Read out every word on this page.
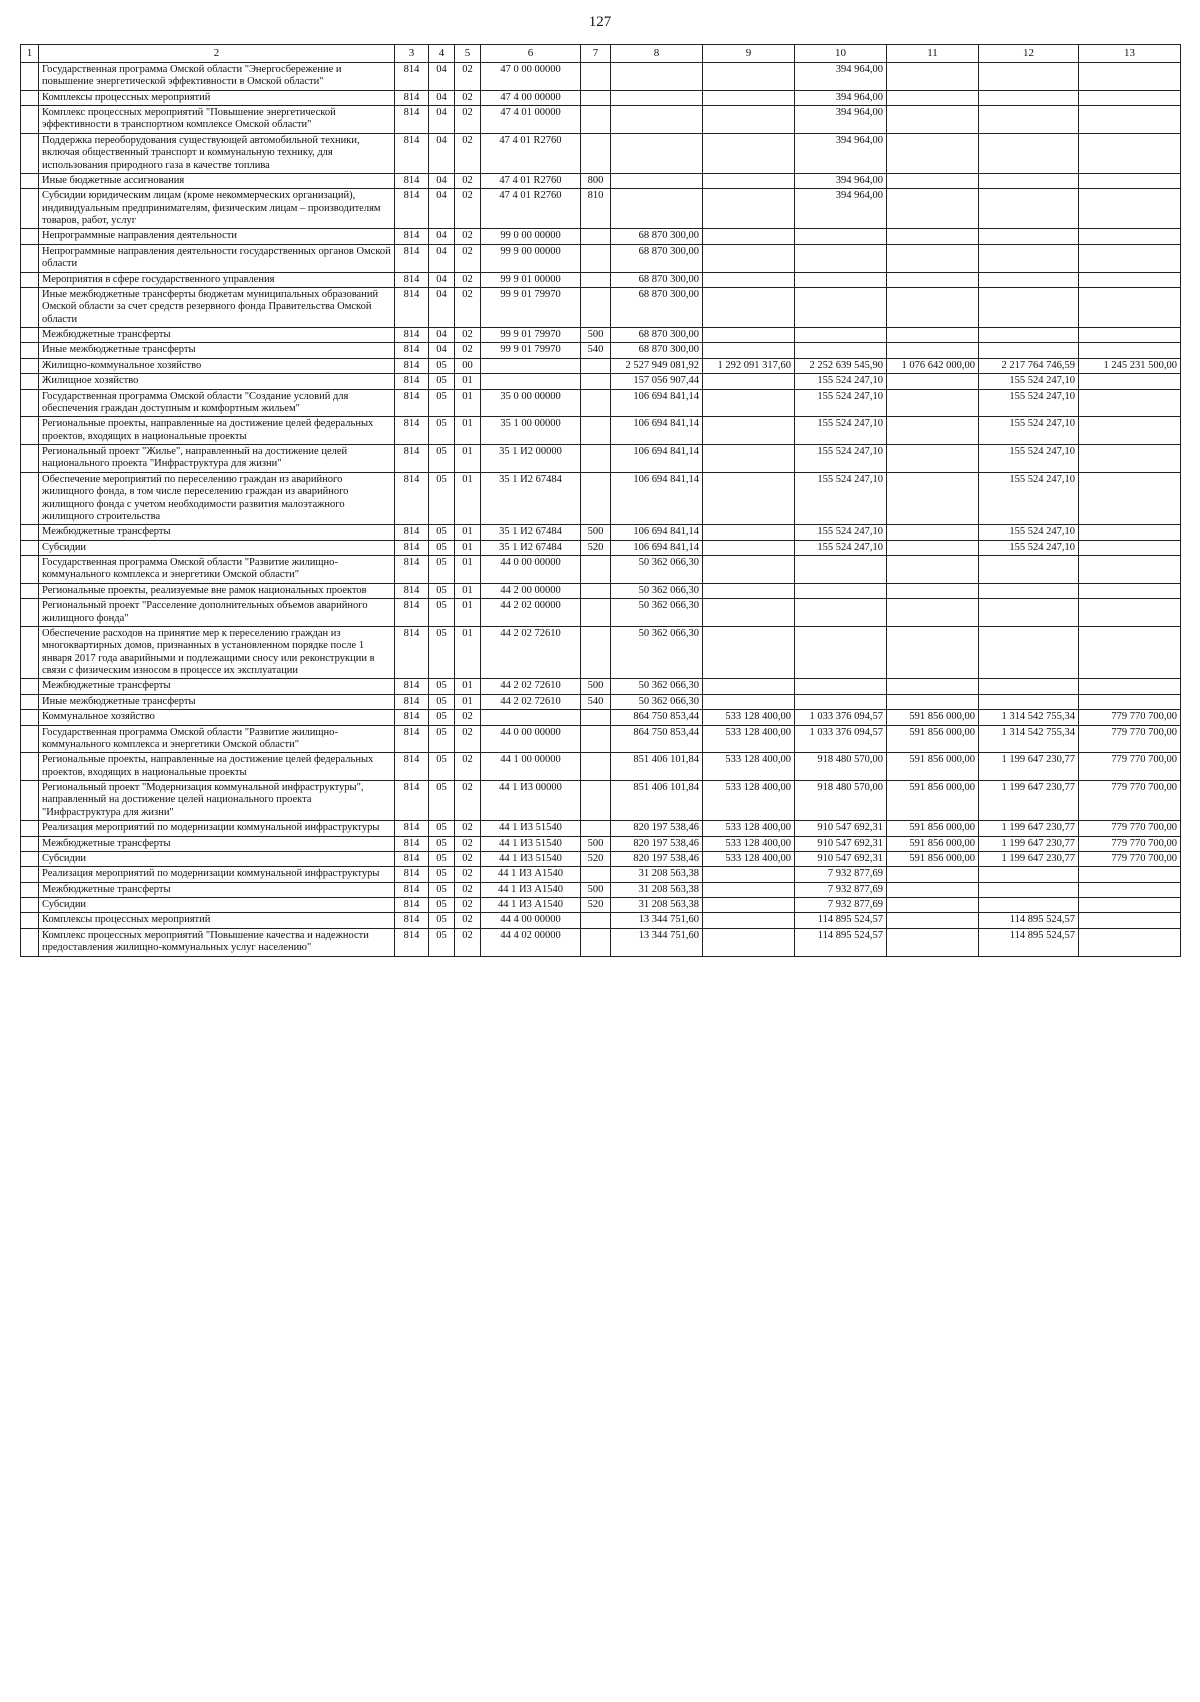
127
1	2	3	4	5	6	7	8	9	10	11	12	13
	Государственная программа Омской области "Энергосбережение и повышение энергетической эффективности в Омской области"	814	04	02	47 0 00 00000				394 964,00			
	Комплексы процессных мероприятий	814	04	02	47 4 00 00000				394 964,00			
	Комплекс процессных мероприятий "Повышение энергетической эффективности в транспортном комплексе Омской области"	814	04	02	47 4 01 00000				394 964,00			
	Поддержка переоборудования существующей автомобильной техники, включая общественный транспорт и коммунальную технику, для использования природного газа в качестве топлива	814	04	02	47 4 01 R2760				394 964,00			
	Иные бюджетные ассигнования	814	04	02	47 4 01 R2760	800			394 964,00			
	Субсидии юридическим лицам (кроме некоммерческих организаций), индивидуальным предпринимателям, физическим лицам – производителям товаров, работ, услуг	814	04	02	47 4 01 R2760	810			394 964,00			
	Непрограммные направления деятельности	814	04	02	99 0 00 00000		68 870 300,00					
	Непрограммные направления деятельности государственных органов Омской области	814	04	02	99 9 00 00000		68 870 300,00					
	Мероприятия в сфере государственного управления	814	04	02	99 9 01 00000		68 870 300,00					
	Иные межбюджетные трансферты бюджетам муниципальных образований Омской области за счет средств резервного фонда Правительства Омской области	814	04	02	99 9 01 79970		68 870 300,00					
	Межбюджетные трансферты	814	04	02	99 9 01 79970	500	68 870 300,00					
	Иные межбюджетные трансферты	814	04	02	99 9 01 79970	540	68 870 300,00					
	Жилищно-коммунальное хозяйство	814	05	00			2 527 949 081,92	1 292 091 317,60	2 252 639 545,90	1 076 642 000,00	2 217 764 746,59	1 245 231 500,00
	Жилищное хозяйство	814	05	01			157 056 907,44		155 524 247,10		155 524 247,10	
	Государственная программа Омской области "Создание условий для обеспечения граждан доступным и комфортным жильем"	814	05	01	35 0 00 00000		106 694 841,14		155 524 247,10		155 524 247,10	
	Региональные проекты, направленные на достижение целей федеральных проектов, входящих в национальные проекты	814	05	01	35 1 00 00000		106 694 841,14		155 524 247,10		155 524 247,10	
	Региональный проект "Жилье", направленный на достижение целей национального проекта "Инфраструктура для жизни"	814	05	01	35 1 И2 00000		106 694 841,14		155 524 247,10		155 524 247,10	
	Обеспечение мероприятий по переселению граждан из аварийного жилищного фонда, в том числе переселению граждан из аварийного жилищного фонда с учетом необходимости развития малоэтажного жилищного строительства	814	05	01	35 1 И2 67484		106 694 841,14		155 524 247,10		155 524 247,10	
	Межбюджетные трансферты	814	05	01	35 1 И2 67484	500	106 694 841,14		155 524 247,10		155 524 247,10	
	Субсидии	814	05	01	35 1 И2 67484	520	106 694 841,14		155 524 247,10		155 524 247,10	
	Государственная программа Омской области "Развитие жилищно-коммунального комплекса и энергетики Омской области"	814	05	01	44 0 00 00000		50 362 066,30					
	Региональные проекты, реализуемые вне рамок национальных проектов	814	05	01	44 2 00 00000		50 362 066,30					
	Региональный проект "Расселение дополнительных объемов аварийного жилищного фонда"	814	05	01	44 2 02 00000		50 362 066,30					
	Обеспечение расходов на принятие мер к переселению граждан из многоквартирных домов, признанных в установленном порядке после 1 января 2017 года аварийными и подлежащими сносу или реконструкции в связи с физическим износом в процессе их эксплуатации	814	05	01	44 2 02 72610		50 362 066,30					
	Межбюджетные трансферты	814	05	01	44 2 02 72610	500	50 362 066,30					
	Иные межбюджетные трансферты	814	05	01	44 2 02 72610	540	50 362 066,30					
	Коммунальное хозяйство	814	05	02			864 750 853,44	533 128 400,00	1 033 376 094,57	591 856 000,00	1 314 542 755,34	779 770 700,00
	Государственная программа Омской области "Развитие жилищно-коммунального комплекса и энергетики Омской области"	814	05	02	44 0 00 00000		864 750 853,44	533 128 400,00	1 033 376 094,57	591 856 000,00	1 314 542 755,34	779 770 700,00
	Региональные проекты, направленные на достижение целей федеральных проектов, входящих в национальные проекты	814	05	02	44 1 00 00000		851 406 101,84	533 128 400,00	918 480 570,00	591 856 000,00	1 199 647 230,77	779 770 700,00
	Региональный проект "Модернизация коммунальной инфраструктуры", направленный на достижение целей национального проекта "Инфраструктура для жизни"	814	05	02	44 1 И3 00000		851 406 101,84	533 128 400,00	918 480 570,00	591 856 000,00	1 199 647 230,77	779 770 700,00
	Реализация мероприятий по модернизации коммунальной инфраструктуры	814	05	02	44 1 И3 51540		820 197 538,46	533 128 400,00	910 547 692,31	591 856 000,00	1 199 647 230,77	779 770 700,00
	Межбюджетные трансферты	814	05	02	44 1 И3 51540	500	820 197 538,46	533 128 400,00	910 547 692,31	591 856 000,00	1 199 647 230,77	779 770 700,00
	Субсидии	814	05	02	44 1 И3 51540	520	820 197 538,46	533 128 400,00	910 547 692,31	591 856 000,00	1 199 647 230,77	779 770 700,00
	Реализация мероприятий по модернизации коммунальной инфраструктуры	814	05	02	44 1 И3 А1540		31 208 563,38		7 932 877,69			
	Межбюджетные трансферты	814	05	02	44 1 И3 А1540	500	31 208 563,38		7 932 877,69			
	Субсидии	814	05	02	44 1 И3 А1540	520	31 208 563,38		7 932 877,69			
	Комплексы процессных мероприятий	814	05	02	44 4 00 00000		13 344 751,60		114 895 524,57		114 895 524,57	
	Комплекс процессных мероприятий "Повышение качества и надежности предоставления жилищно-коммунальных услуг населению"	814	05	02	44 4 02 00000		13 344 751,60		114 895 524,57		114 895 524,57	
